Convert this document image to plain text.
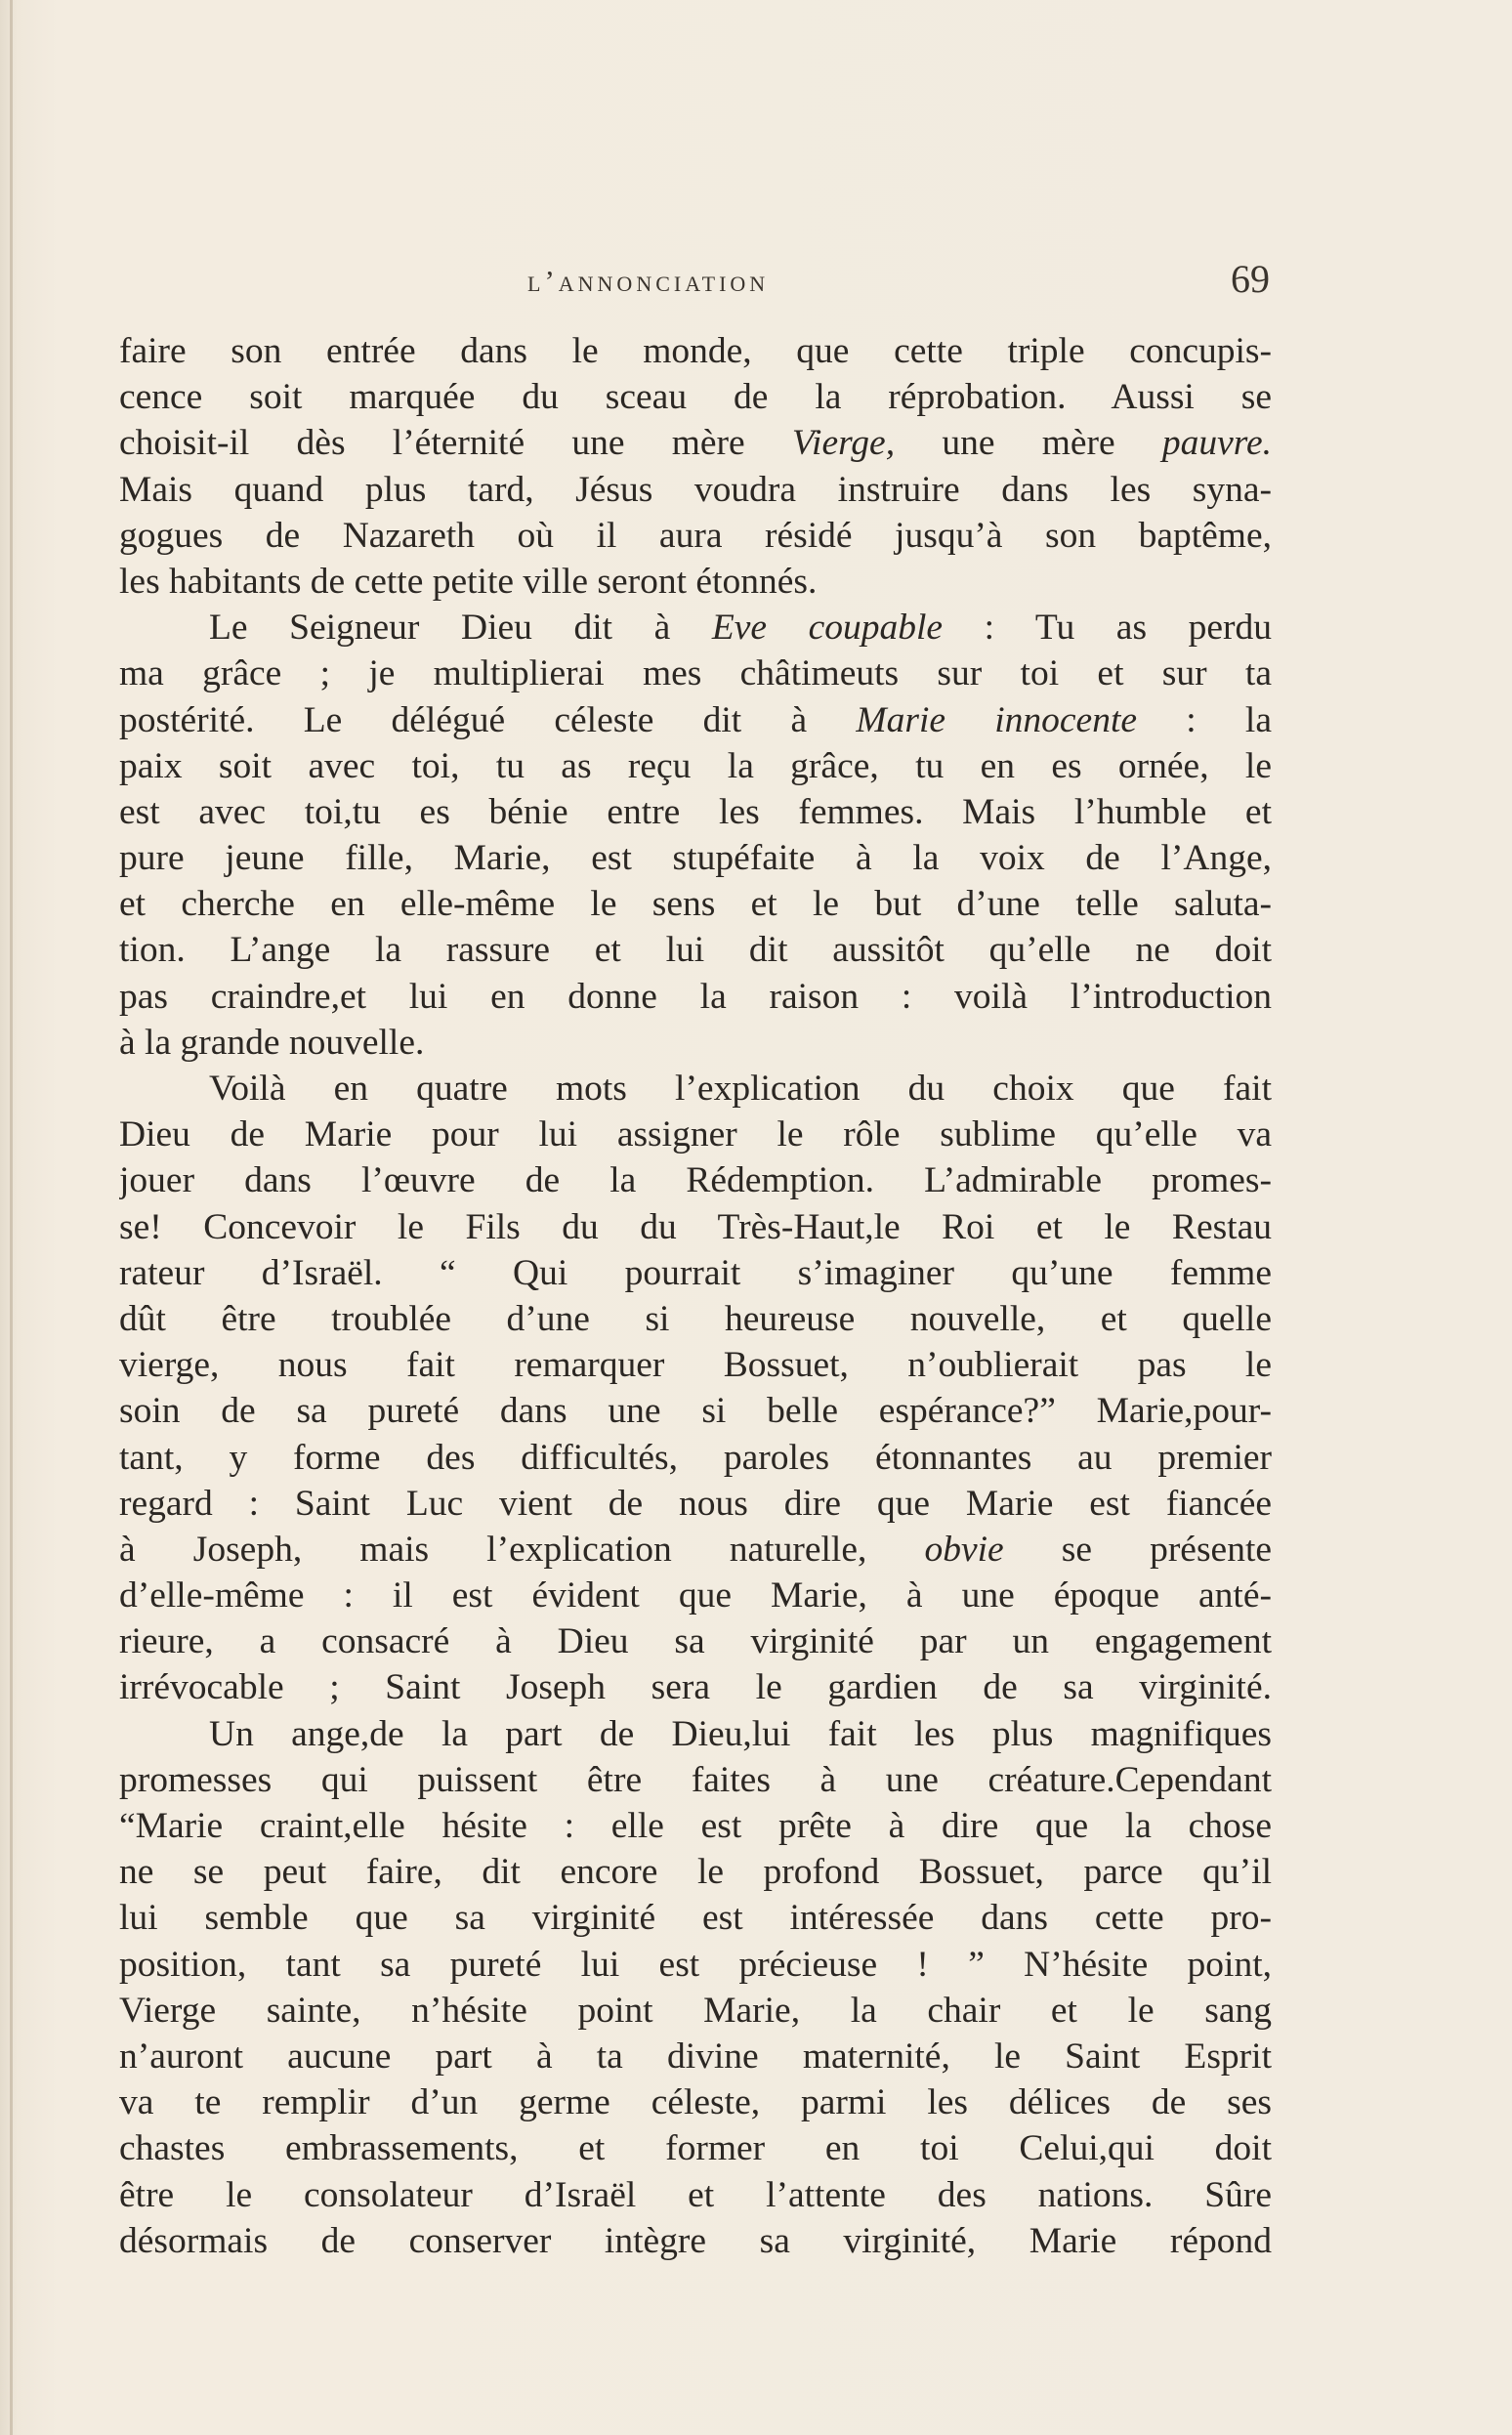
l’annonciation	69
faire son entrée dans le monde, que cette triple concupis-
cence soit marquée du sceau de la réprobation. Aussi se
choisit-il dès l’éternité une mère Vierge, une mère pauvre.
Mais quand plus tard, Jésus voudra instruire dans les syna-
gogues de Nazareth où il aura résidé jusqu’à son baptême,
les habitants de cette petite ville seront étonnés.
Le Seigneur Dieu dit à Eve coupable : Tu as perdu
ma grâce ; je multiplierai mes châtimeuts sur toi et sur ta
postérité. Le délégué céleste dit à Marie innocente : la
paix soit avec toi, tu as reçu la grâce, tu en es ornée, le
est avec toi,tu es bénie entre les femmes. Mais l’humble et
pure jeune fille, Marie, est stupéfaite à la voix de l’Ange,
et cherche en elle-même le sens et le but d’une telle saluta-
tion. L’ange la rassure et lui dit aussitôt qu’elle ne doit
pas craindre,et lui en donne la raison : voilà l’introduction
à la grande nouvelle.
Voilà en quatre mots l’explication du choix que fait
Dieu de Marie pour lui assigner le rôle sublime qu’elle va
jouer dans l’œuvre de la Rédemption. L’admirable promes-
se! Concevoir le Fils du du Très-Haut,le Roi et le Restau
rateur d’Israël. “ Qui pourrait s’imaginer qu’une femme
dût être troublée d’une si heureuse nouvelle, et quelle
vierge, nous fait remarquer Bossuet, n’oublierait pas le
soin de sa pureté dans une si belle espérance?” Marie,pour-
tant, y forme des difficultés, paroles étonnantes au premier
regard : Saint Luc vient de nous dire que Marie est fiancée
à Joseph, mais l’explication naturelle, obvie se présente
d’elle-même : il est évident que Marie, à une époque anté-
rieure, a consacré à Dieu sa virginité par un engagement
irrévocable ; Saint Joseph sera le gardien de sa virginité.
Un ange,de la part de Dieu,lui fait les plus magnifiques
promesses qui puissent être faites à une créature.Cependant
“Marie craint,elle hésite : elle est prête à dire que la chose
ne se peut faire, dit encore le profond Bossuet, parce qu’il
lui semble que sa virginité est intéressée dans cette pro-
position, tant sa pureté lui est précieuse ! ” N’hésite point,
Vierge sainte, n’hésite point Marie, la chair et le sang
n’auront aucune part à ta divine maternité, le Saint Esprit
va te remplir d’un germe céleste, parmi les délices de ses
chastes embrassements, et former en toi Celui,qui doit
être le consolateur d’Israël et l’attente des nations. Sûre
désormais de conserver intègre sa virginité, Marie répond
